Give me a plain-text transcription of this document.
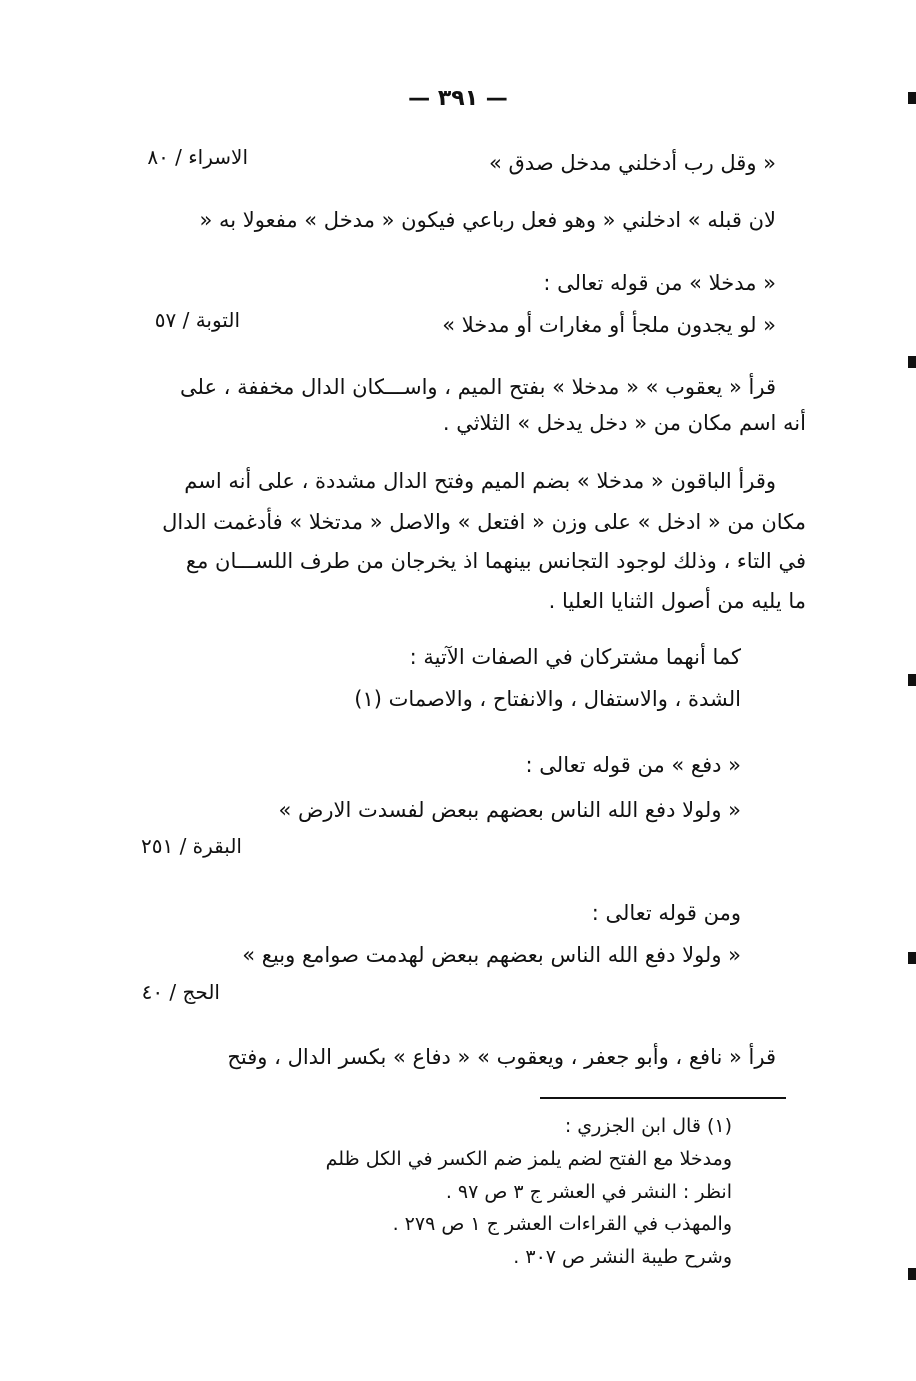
— ٣٩١ —
« وقل رب أدخلني مدخل صدق »
الاسراء / ٨٠
لان قبله » ادخلني « وهو فعل رباعي فيكون « مدخل » مفعولا به «
« مدخلا » من قوله تعالى :
« لو يجدون ملجأ أو مغارات أو مدخلا »
التوبة / ٥٧
قرأ « يعقوب » « مدخلا » بفتح الميم ، واســـكان الدال مخففة ، على
أنه اسم مكان من « دخل يدخل » الثلاثي .
وقرأ الباقون « مدخلا » بضم الميم وفتح الدال مشددة ، على أنه اسم
مكان من « ادخل » على وزن « افتعل » والاصل « مدتخلا » فأدغمت الدال
في التاء ، وذلك لوجود التجانس بينهما اذ يخرجان من طرف اللســـان مع
ما يليه من أصول الثنايا العليا .
كما أنهما مشتركان في الصفات الآتية :
الشدة ، والاستفال ، والانفتاح ، والاصمات (١)
« دفع » من قوله تعالى :
« ولولا دفع الله الناس بعضهم ببعض لفسدت الارض »
البقرة / ٢٥١
ومن قوله تعالى :
« ولولا دفع الله الناس بعضهم ببعض لهدمت صوامع وبيع »
الحج / ٤٠
قرأ « نافع ، وأبو جعفر ، ويعقوب » « دفاع » بكسر الدال ، وفتح
(١) قال ابن الجزري :
ومدخلا مع الفتح لضم يلمز ضم الكسر في الكل ظلم
انظر : النشر في العشر ج ٣ ص ٩٧ .
والمهذب في القراءات العشر ج ١ ص ٢٧٩ .
وشرح طيبة النشر ص ٣٠٧ .
